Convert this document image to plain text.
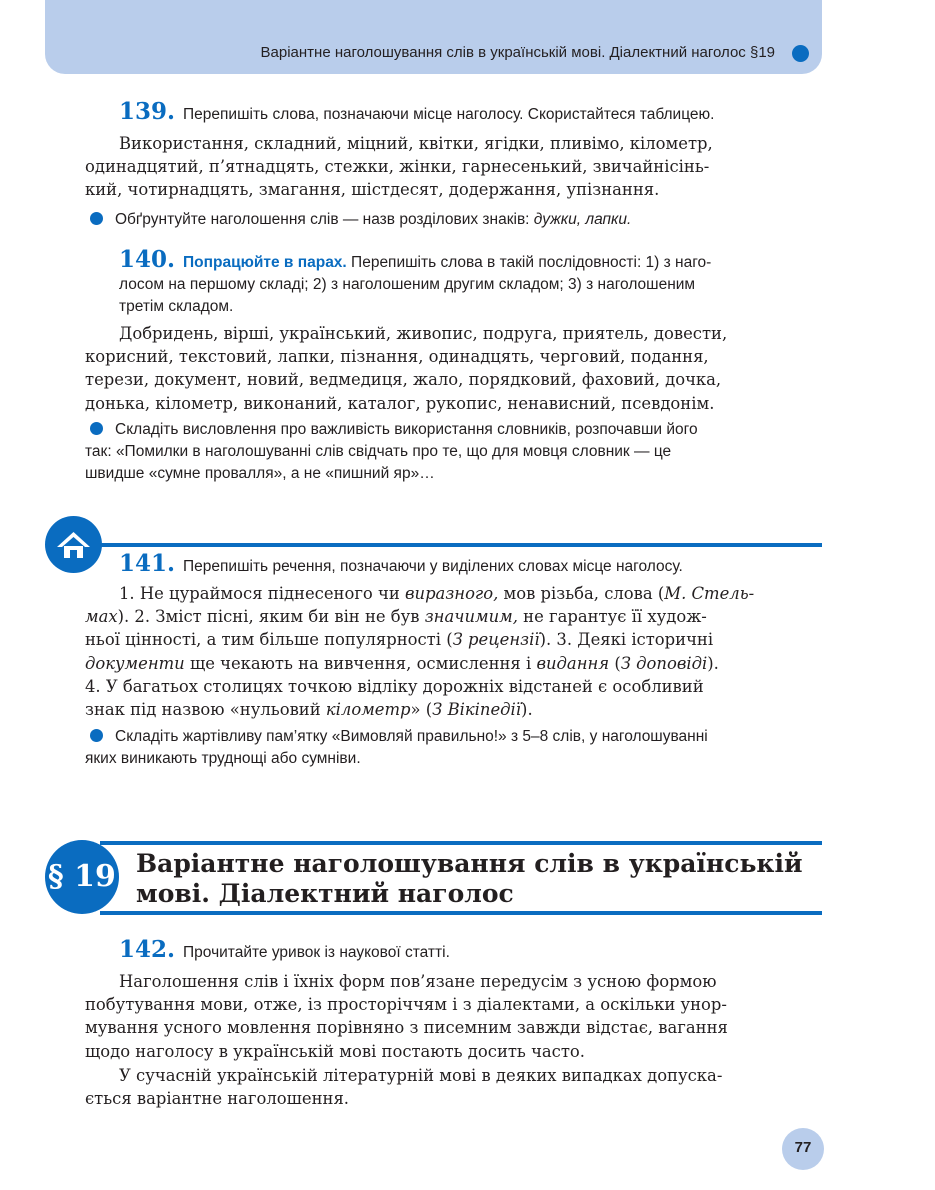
Варіантне наголошування слів в українській мові. Діалектний наголос §19
139. Перепишіть слова, позначаючи місце наголосу. Скористайтеся таблицею.
Використання, складний, міцний, квітки, ягідки, пливімо, кілометр,
одинадцятий, п’ятнадцять, стежки, жінки, гарнесенький, звичайнісінь-
кий, чотирнадцять, змагання, шістдесят, додержання, упізнання.
Обґрунтуйте наголошення слів — назв розділових знаків: дужки, лапки.
140. Попрацюйте в парах. Перепишіть слова в такій послідовності: 1) з наго-
лосом на першому складі; 2) з наголошеним другим складом; 3) з наголошеним
третім складом.
Добридень, вірші, український, живопис, подруга, приятель, довести,
корисний, текстовий, лапки, пізнання, одинадцять, черговий, подання,
терези, документ, новий, ведмедиця, жало, порядковий, фаховий, дочка,
донька, кілометр, виконаний, каталог, рукопис, ненависний, псевдонім.
Складіть висловлення про важливість використання словників, розпочавши його
так: «Помилки в наголошуванні слів свідчать про те, що для мовця словник — це
швидше «сумне провалля», а не «пишний яр»…
141. Перепишіть речення, позначаючи у виділених словах місце наголосу.
1. Не цураймося піднесеного чи виразного, мов різьба, слова (М. Стель-
мах). 2. Зміст пісні, яким би він не був значимим, не гарантує її худож-
ньої цінності, а тим більше популярності (З рецензії). 3. Деякі історичні
документи ще чекають на вивчення, осмислення і видання (З доповіді).
4. У багатьох столицях точкою відліку дорожніх відстаней є особливий
знак під назвою «нульовий кілометр» (З Вікіпедії).
Складіть жартівливу пам’ятку «Вимовляй правильно!» з 5–8 слів, у наголошуванні
яких виникають труднощі або сумніви.
§ 19 Варіантне наголошування слів в українській
мові. Діалектний наголос
142. Прочитайте уривок із наукової статті.
Наголошення слів і їхніх форм пов’язане передусім з усною формою
побутування мови, отже, із просторіччям і з діалектами, а оскільки унор-
мування усного мовлення порівняно з писемним завжди відстає, вагання
щодо наголосу в українській мові постають досить часто.
У сучасній українській літературній мові в деяких випадках допуска-
ється варіантне наголошення.
77
